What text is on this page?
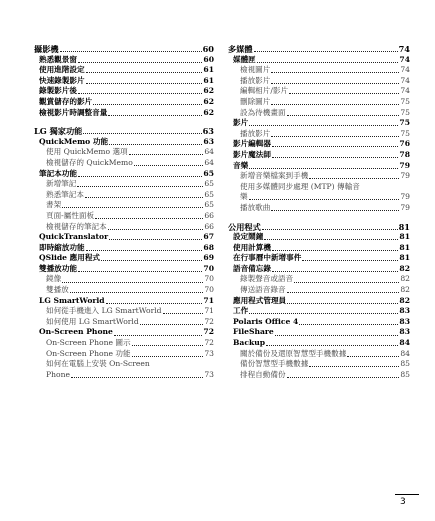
攝影機	60
熟悉觀景窗	60
使用進階設定	61
快速錄製影片	61
錄製影片後	62
觀賞儲存的影片	62
檢視影片時調整音量	62
LG 獨家功能	63
QuickMemo 功能	63
使用 QuickMemo 選項	64
檢視儲存的 QuickMemo	64
筆記本功能	65
新增筆記	65
熟悉筆記本	65
書架	65
頁面-屬性面板	66
檢視儲存的筆記本	66
QuickTranslator	67
即時縮放功能	68
QSlide 應用程式	69
雙播放功能	70
鏡像	70
雙播放	70
LG SmartWorld	71
如何從手機進入 LG SmartWorld	71
如何使用 LG SmartWorld	72
On-Screen Phone	72
On-Screen Phone 圖示	72
On-Screen Phone 功能	73
如何在電腦上安裝 On-Screen
Phone	73
多媒體	74
媒體匣	74
檢視圖片	74
播放影片	74
編輯相片/影片	74
刪除圖片	75
設為待機畫面	75
影片	75
播放影片	75
影片編輯器	76
影片魔法師	78
音樂	79
新增音樂檔案到手機	79
使用多媒體同步處理 (MTP) 傳輸音
樂	79
播放歌曲	79
公用程式	81
設定鬧鐘	81
使用計算機	81
在行事曆中新增事件	81
語音備忘錄	82
錄製聲音或語音	82
傳送語音錄音	82
應用程式管理員	82
工作	83
Polaris Office 4	83
FileShare	83
Backup	84
關於備份及還原智慧型手機數據	84
備份智慧型手機數據	85
排程自動備份	85
3
